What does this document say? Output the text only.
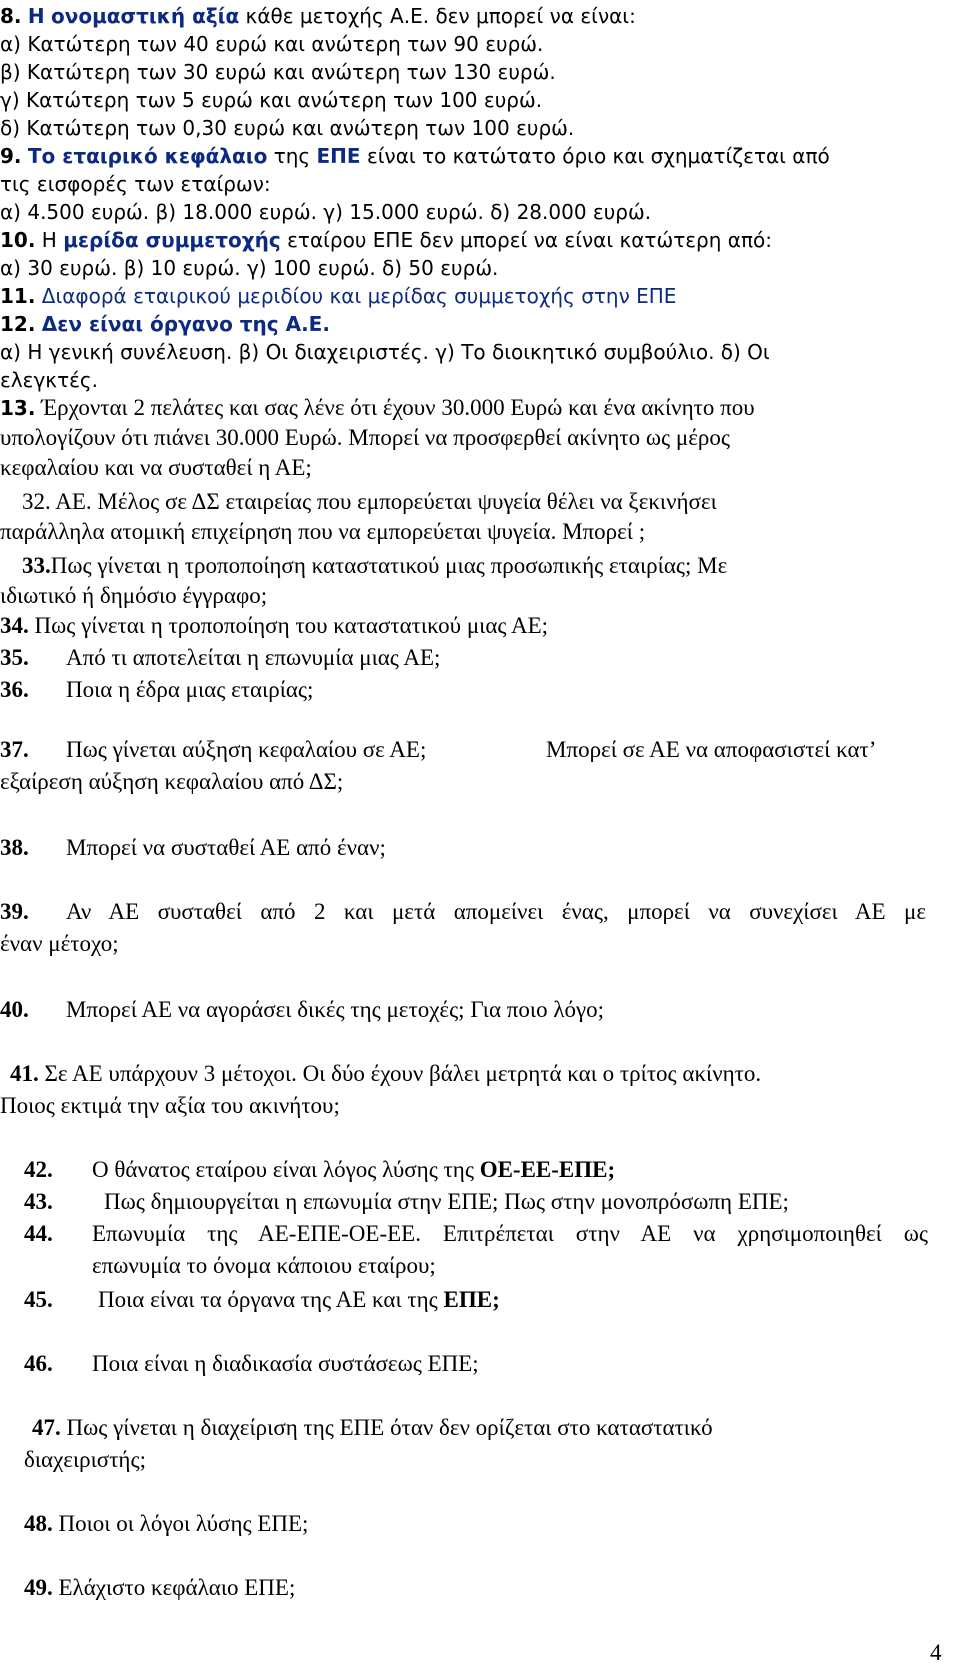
8. Η ονομαστική αξία κάθε μετοχής Α.Ε. δεν μπορεί να είναι:
α) Κατώτερη των 40 ευρώ και ανώτερη των 90 ευρώ.
β) Κατώτερη των 30 ευρώ και ανώτερη των 130 ευρώ.
γ) Κατώτερη των 5 ευρώ και ανώτερη των 100 ευρώ.
δ) Κατώτερη των 0,30 ευρώ και ανώτερη των 100 ευρώ.
9. Το εταιρικό κεφάλαιο της ΕΠΕ είναι το κατώτατο όριο και σχηματίζεται από
τις εισφορές των εταίρων:
α) 4.500 ευρώ. β) 18.000 ευρώ. γ) 15.000 ευρώ. δ) 28.000 ευρώ.
10. Η μερίδα συμμετοχής εταίρου ΕΠΕ δεν μπορεί να είναι κατώτερη από:
α) 30 ευρώ. β) 10 ευρώ. γ) 100 ευρώ. δ) 50 ευρώ.
11. Διαφορά εταιρικού μεριδίου και μερίδας συμμετοχής στην ΕΠΕ
12. Δεν είναι όργανο της Α.Ε.
α) Η γενική συνέλευση. β) Οι διαχειριστές. γ) Το διοικητικό συμβούλιο. δ) Οι
ελεγκτές.
13. Έρχονται 2 πελάτες και σας λένε ότι έχουν 30.000 Ευρώ και ένα ακίνητο που
υπολογίζουν ότι πιάνει 30.000 Ευρώ. Μπορεί να προσφερθεί ακίνητο ως μέρος
κεφαλαίου και να συσταθεί η ΑΕ;
32. ΑΕ. Μέλος σε ΔΣ εταιρείας που εμπορεύεται ψυγεία θέλει να ξεκινήσει
παράλληλα ατομική επιχείρηση που να εμπορεύεται ψυγεία. Μπορεί ;
33.Πως γίνεται η τροποποίηση καταστατικού μιας προσωπικής εταιρίας; Με
ιδιωτικό ή δημόσιο έγγραφο;
34. Πως γίνεται η τροποποίηση του καταστατικού μιας ΑΕ;
35. Από τι αποτελείται η επωνυμία μιας ΑΕ;
36. Ποια η έδρα μιας εταιρίας;
37. Πως γίνεται αύξηση κεφαλαίου σε ΑΕ;	Μπορεί σε ΑΕ να αποφασιστεί κατ’
εξαίρεση αύξηση κεφαλαίου από ΔΣ;
38. Μπορεί να συσταθεί ΑΕ από έναν;
39. Αν ΑΕ συσταθεί από 2 και μετά απομείνει ένας, μπορεί να συνεχίσει ΑΕ με
έναν μέτοχο;
40. Μπορεί ΑΕ να αγοράσει δικές της μετοχές; Για ποιο λόγο;
41. Σε ΑΕ υπάρχουν 3 μέτοχοι. Οι δύο έχουν βάλει μετρητά και ο τρίτος ακίνητο.
Ποιος εκτιμά την αξία του ακινήτου;
42. Ο θάνατος εταίρου είναι λόγος λύσης της ΟΕ-ΕΕ-ΕΠΕ;
43. Πως δημιουργείται η επωνυμία στην ΕΠΕ; Πως στην μονοπρόσωπη ΕΠΕ;
44. Επωνυμία της ΑΕ-ΕΠΕ-ΟΕ-ΕΕ. Επιτρέπεται στην ΑΕ να χρησιμοποιηθεί ως
επωνυμία το όνομα κάποιου εταίρου;
45. Ποια είναι τα όργανα της ΑΕ και της ΕΠΕ;
46. Ποια είναι η διαδικασία συστάσεως ΕΠΕ;
47. Πως γίνεται η διαχείριση της ΕΠΕ όταν δεν ορίζεται στο καταστατικό
διαχειριστής;
48. Ποιοι οι λόγοι λύσης ΕΠΕ;
49. Ελάχιστο κεφάλαιο ΕΠΕ;
4
